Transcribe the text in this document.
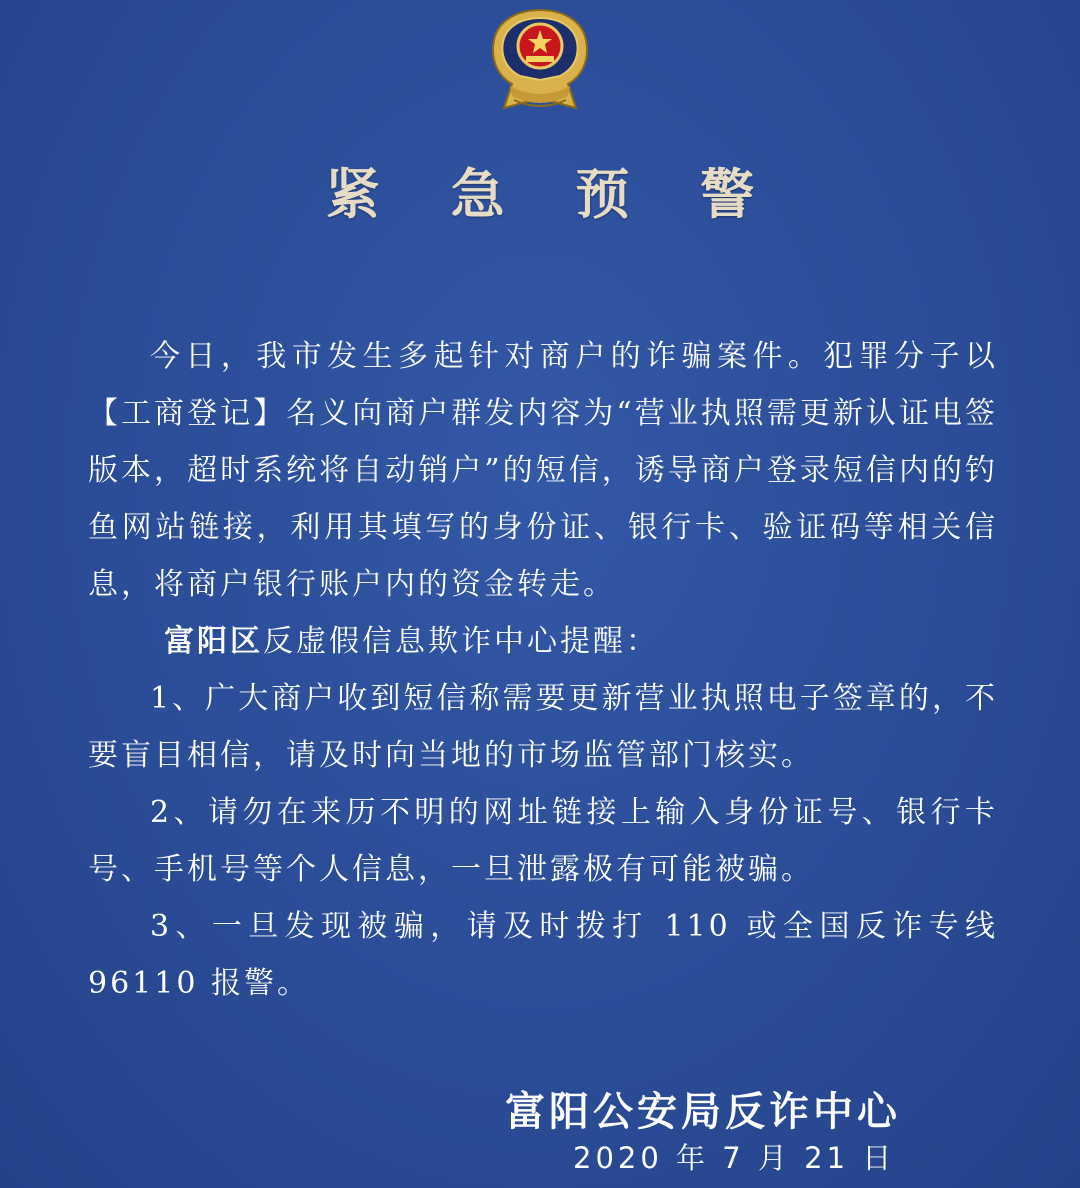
紧 急 预 警

今日，我市发生多起针对商户的诈骗案件。犯罪分子以【工商登记】名义向商户群发内容为“营业执照需更新认证电签版本，超时系统将自动销户”的短信，诱导商户登录短信内的钓鱼网站链接，利用其填写的身份证、银行卡、验证码等相关信息，将商户银行账户内的资金转走。

富阳区反虚假信息欺诈中心提醒：

1、广大商户收到短信称需要更新营业执照电子签章的，不要盲目相信，请及时向当地的市场监管部门核实。

2、请勿在来历不明的网址链接上输入身份证号、银行卡号、手机号等个人信息，一旦泄露极有可能被骗。

3、一旦发现被骗，请及时拨打 110 或全国反诈专线 96110 报警。

富阳公安局反诈中心
2020 年 7 月 21 日
